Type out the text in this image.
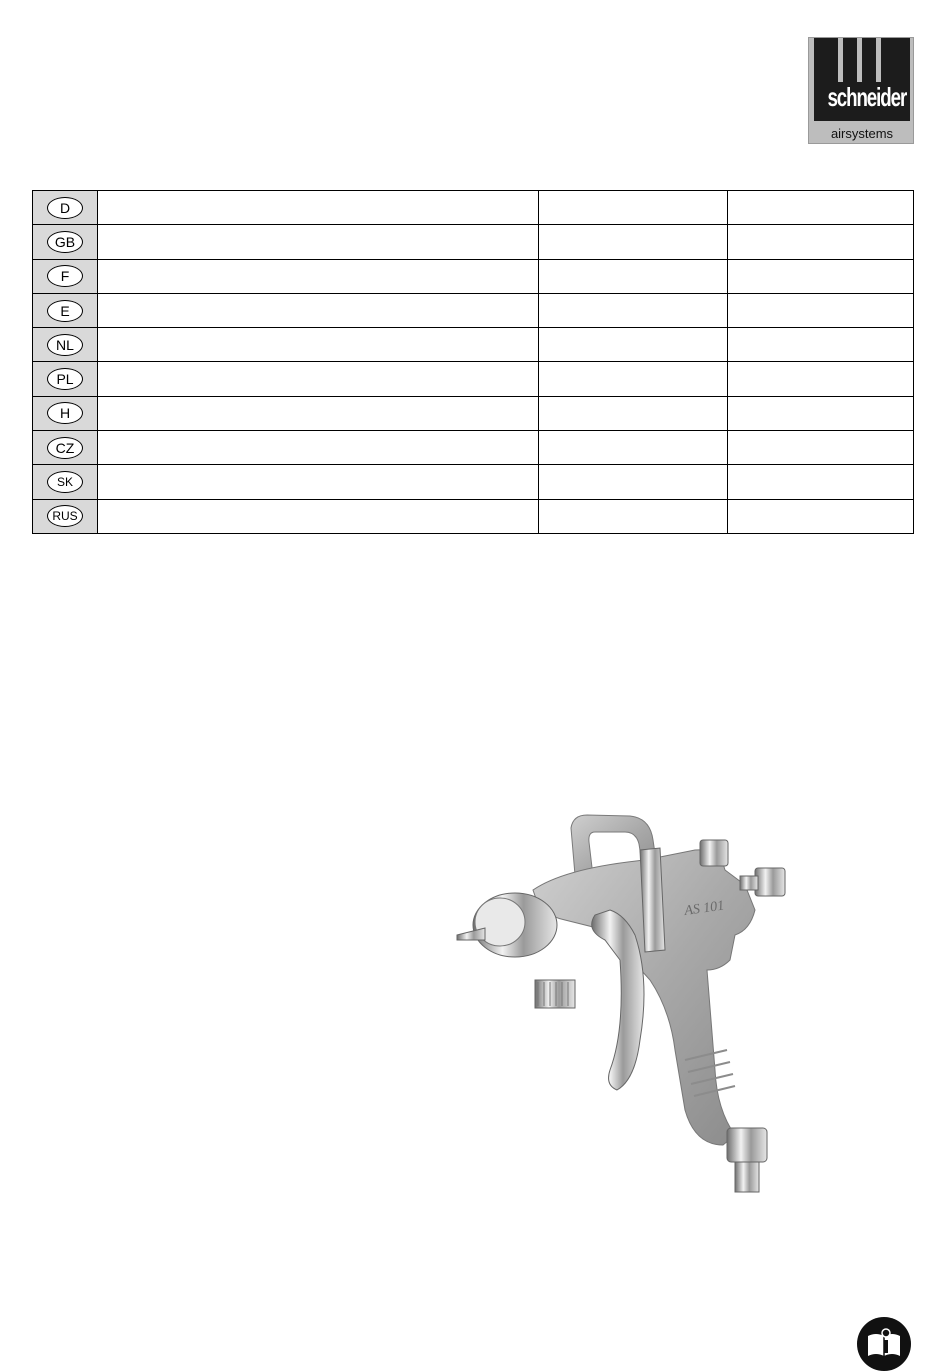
schneider
airsystems
D			
GB			
F			
E			
NL			
PL			
H			
CZ			
SK			
RUS			
AS 101
